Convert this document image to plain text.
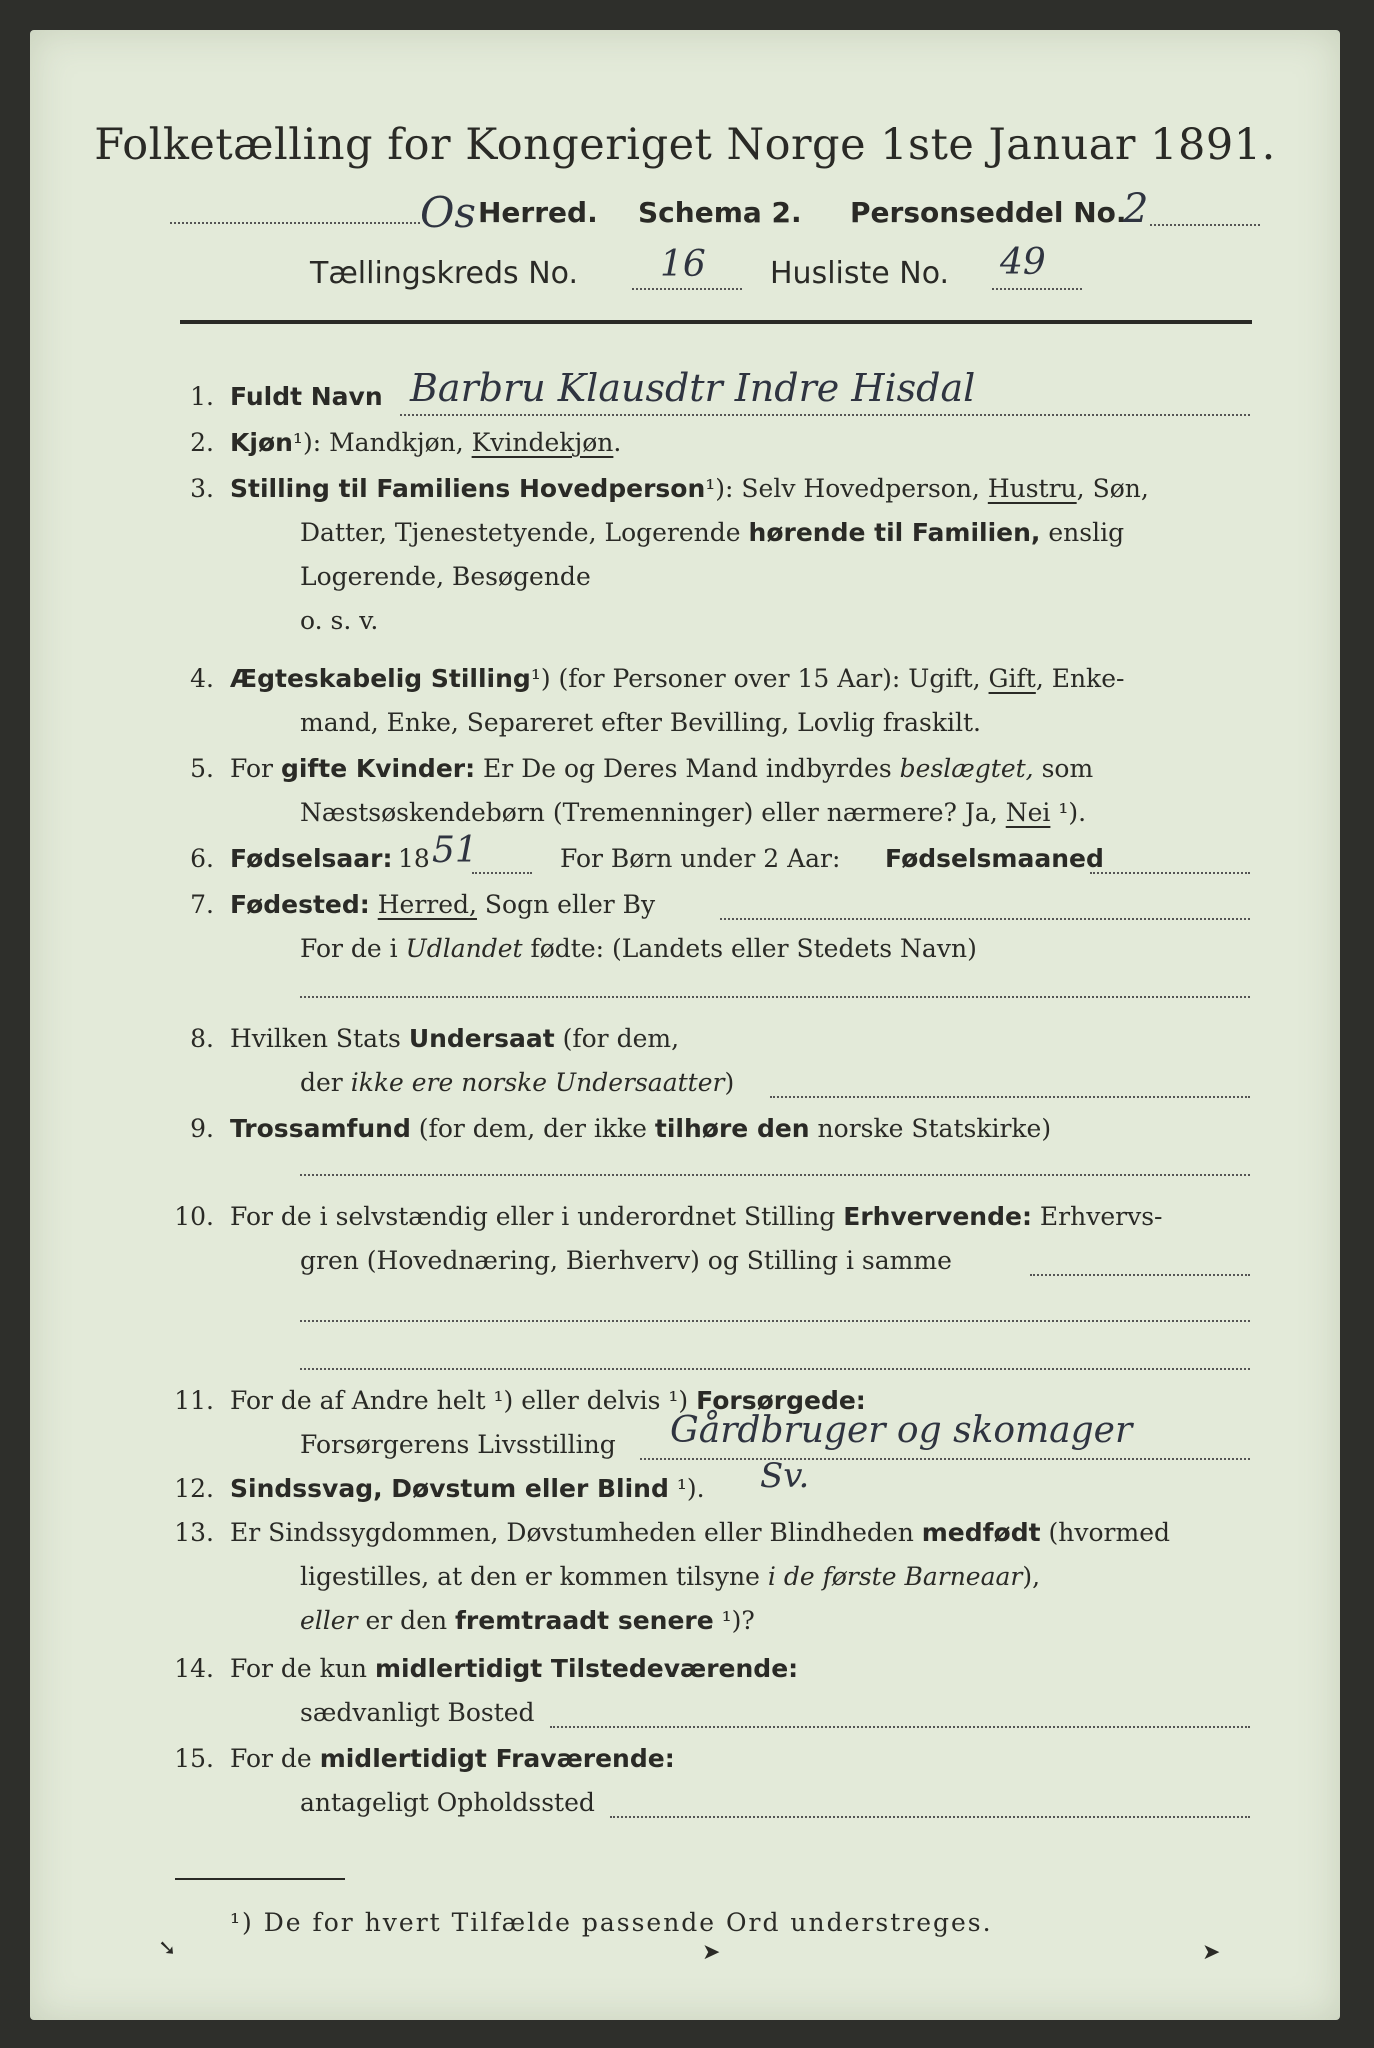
Folketælling for Kongeriget Norge 1ste Januar 1891.
Os Herred. Schema 2. Personseddel No.
2
Tællingskreds No. 16 Husliste No. 49
1. Fuldt Navn Barbru Klausdtr Indre Hisdal
2. Kjøn¹): Mandkjøn, Kvindekjøn.
3. Stilling til Familiens Hovedperson¹): Selv Hovedperson, Hustru, Søn,
Datter, Tjenestetyende, Logerende hørende til Familien, enslig
Logerende, Besøgende
o. s. v.
4. Ægteskabelig Stilling¹) (for Personer over 15 Aar): Ugift, Gift, Enke-
mand, Enke, Separeret efter Bevilling, Lovlig fraskilt.
5. For gifte Kvinder: Er De og Deres Mand indbyrdes beslægtet, som
Næstsøskendebørn (Tremenninger) eller nærmere? Ja, Nei ¹).
6. Fødselsaar: 18 51	For Børn under 2 Aar: Fødselsmaaned
7. Fødested: Herred, Sogn eller By
For de i Udlandet fødte: (Landets eller Stedets Navn)
8. Hvilken Stats Undersaat (for dem,
der ikke ere norske Undersaatter)
9. Trossamfund (for dem, der ikke tilhøre den norske Statskirke)
10. For de i selvstændig eller i underordnet Stilling Erhvervende: Erhvervs-
gren (Hovednæring, Bierhverv) og Stilling i samme
11. For de af Andre helt ¹) eller delvis ¹) Forsørgede:
Forsørgerens Livsstilling Gårdbruger og skomager
12. Sindssvag, Døvstum eller Blind ¹). Sv.
13. Er Sindssygdommen, Døvstumheden eller Blindheden medfødt (hvormed
ligestilles, at den er kommen tilsyne i de første Barneaar),
eller er den fremtraadt senere ¹)?
14. For de kun midlertidigt Tilstedeværende:
sædvanligt Bosted
15. For de midlertidigt Fraværende:
antageligt Opholdssted
¹) De for hvert Tilfælde passende Ord understreges.
➘	➤	➤
